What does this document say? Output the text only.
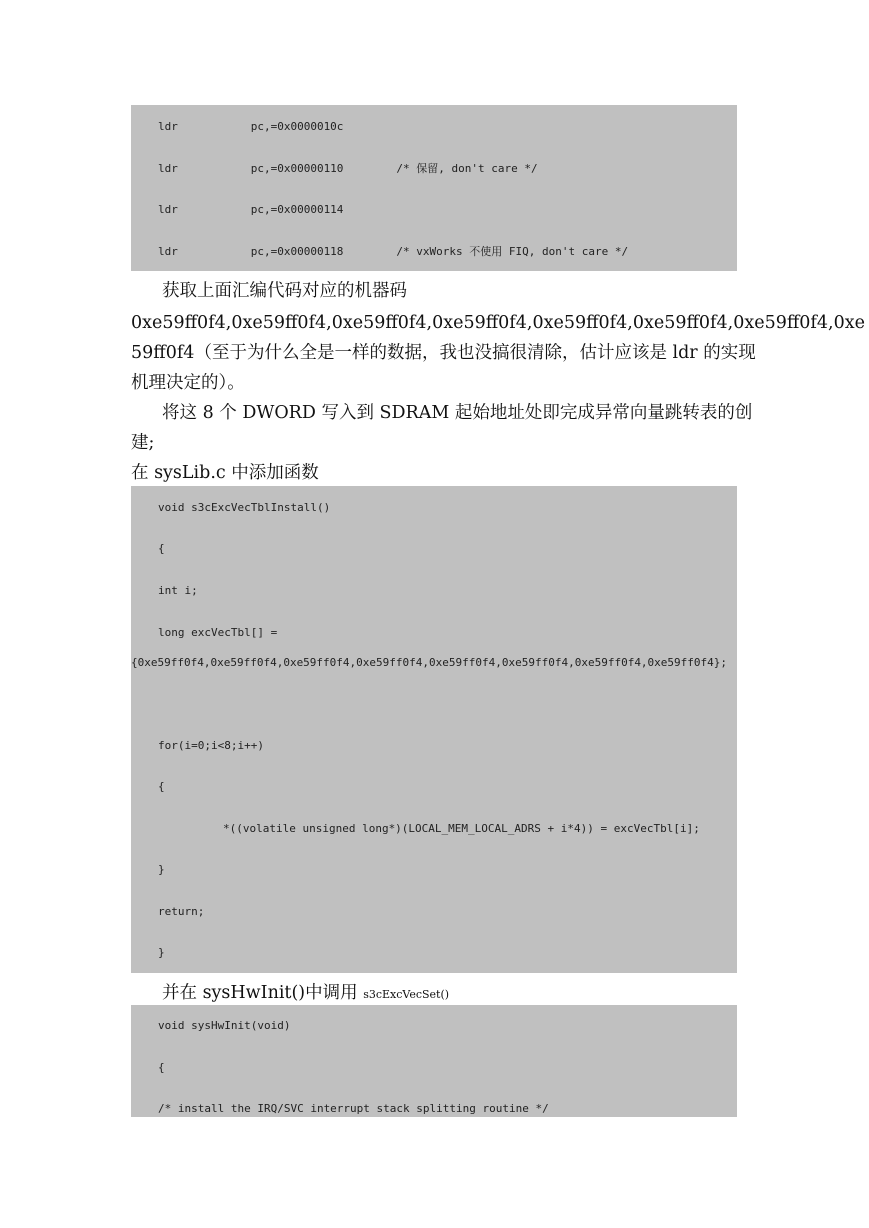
ldr           pc,=0x0000010c
ldr           pc,=0x00000110        /* 保留, don't care */
ldr           pc,=0x00000114
ldr           pc,=0x00000118        /* vxWorks 不使用 FIQ, don't care */
获取上面汇编代码对应的机器码
0xe59ff0f4,0xe59ff0f4,0xe59ff0f4,0xe59ff0f4,0xe59ff0f4,0xe59ff0f4,0xe59ff0f4,0xe
59ff0f4（至于为什么全是一样的数据，我也没搞很清除，估计应该是 ldr 的实现
机理决定的）。
将这 8 个 DWORD 写入到 SDRAM 起始地址处即完成异常向量跳转表的创
建;
在 sysLib.c 中添加函数
void s3cExcVecTblInstall()
{
int i;
long excVecTbl[] =
{0xe59ff0f4,0xe59ff0f4,0xe59ff0f4,0xe59ff0f4,0xe59ff0f4,0xe59ff0f4,0xe59ff0f4,0xe59ff0f4};
for(i=0;i<8;i++)
{
*((volatile unsigned long*)(LOCAL_MEM_LOCAL_ADRS + i*4)) = excVecTbl[i];
}
return;
}
并在 sysHwInit()中调用 s3cExcVecSet()
void sysHwInit(void)
{
/* install the IRQ/SVC interrupt stack splitting routine */
